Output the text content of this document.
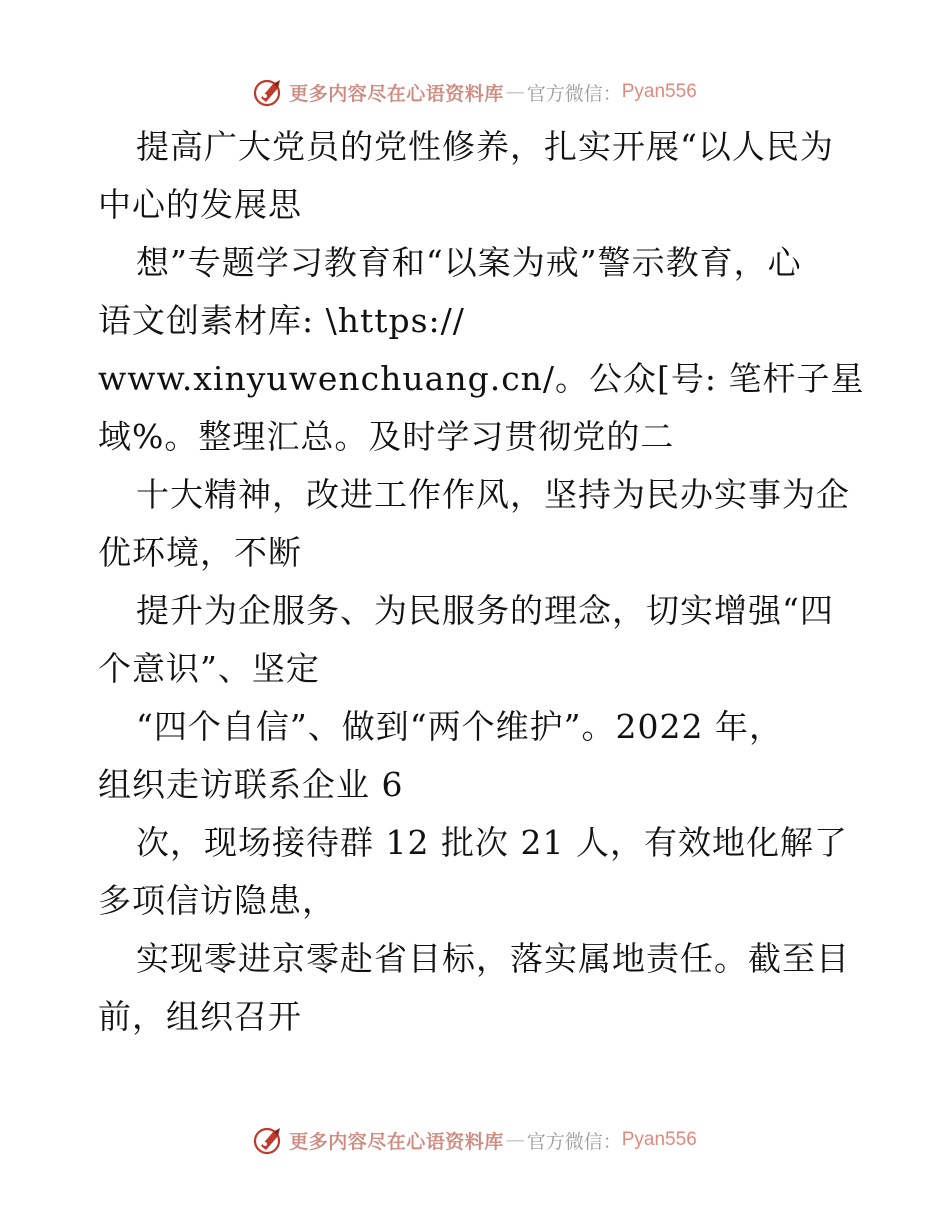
更多内容尽在心语资料库 — 官方微信： Pyan556
提高广大党员的党性修养，扎实开展“以人民为
中心的发展思
想”专题学习教育和“以案为戒”警示教育，心
语文创素材库: \https://
www.xinyuwenchuang.cn/。公众[号: 笔杆子星
域%。整理汇总。及时学习贯彻党的二
十大精神，改进工作作风，坚持为民办实事为企
优环境，不断
提升为企服务、为民服务的理念，切实增强“四
个意识”、坚定
“四个自信”、做到“两个维护”。2022 年，
组织走访联系企业 6
次，现场接待群 12 批次 21 人，有效地化解了
多项信访隐患，
实现零进京零赴省目标，落实属地责任。截至目
前，组织召开
更多内容尽在心语资料库 — 官方微信： Pyan556
